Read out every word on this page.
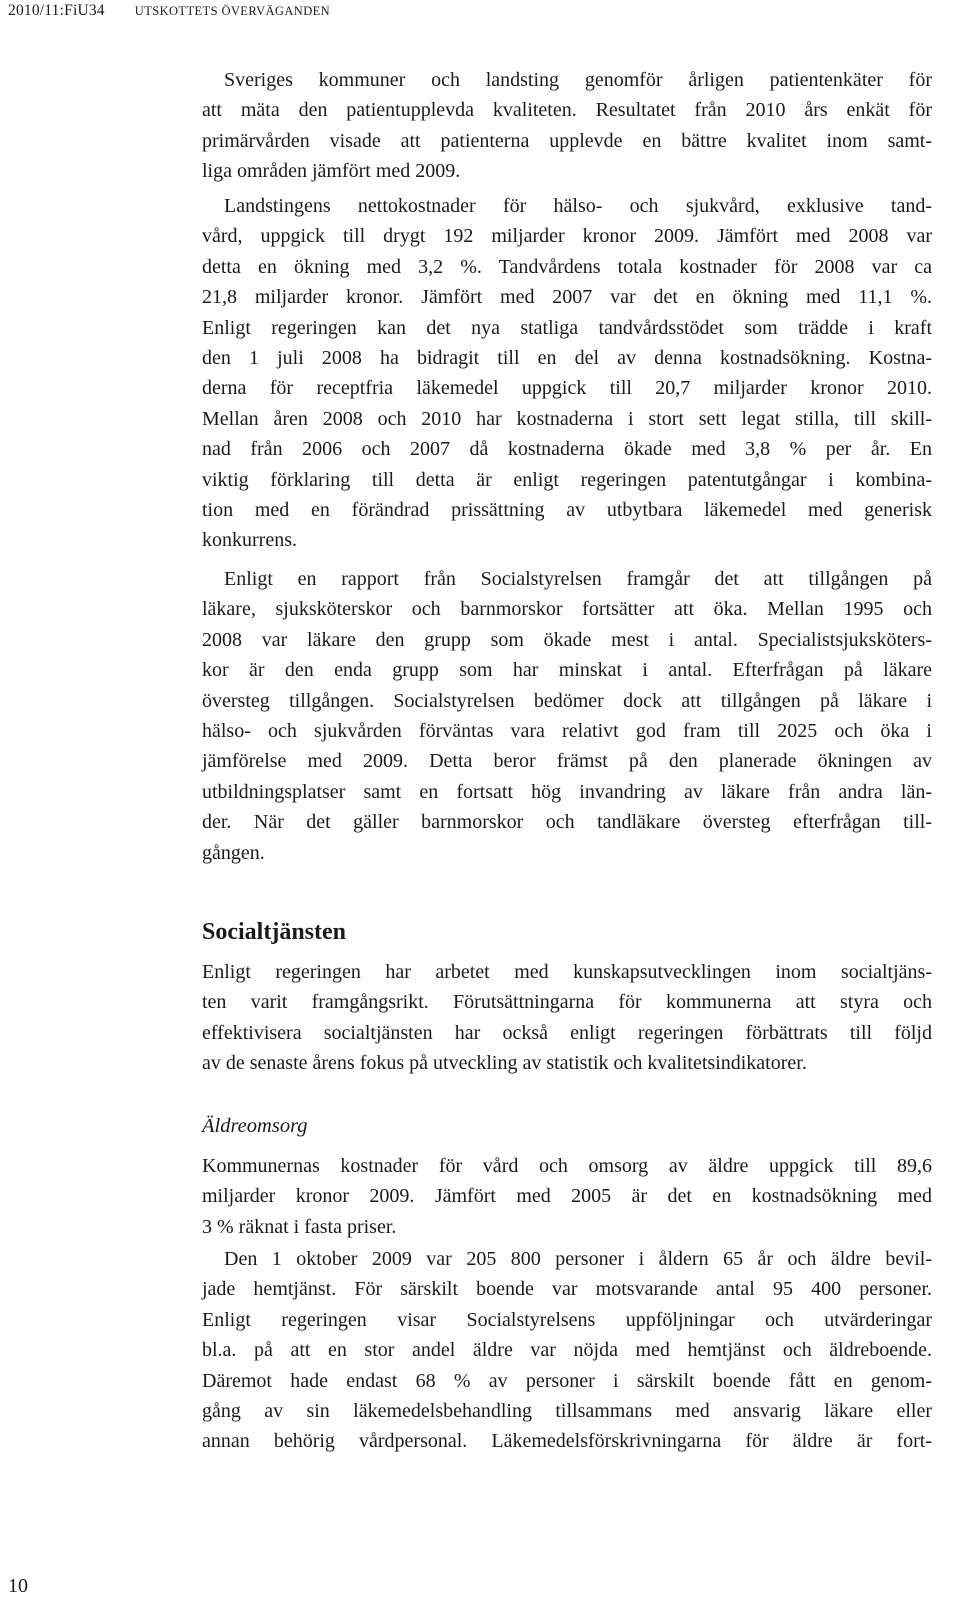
2010/11:FiU34 UTSKOTTETS ÖVERVÄGANDEN
Sveriges kommuner och landsting genomför årligen patientenkäter för
att mäta den patientupplevda kvaliteten. Resultatet från 2010 års enkät för
primärvården visade att patienterna upplevde en bättre kvalitet inom samt-
liga områden jämfört med 2009.
Landstingens nettokostnader för hälso- och sjukvård, exklusive tand-
vård, uppgick till drygt 192 miljarder kronor 2009. Jämfört med 2008 var
detta en ökning med 3,2 %. Tandvårdens totala kostnader för 2008 var ca
21,8 miljarder kronor. Jämfört med 2007 var det en ökning med 11,1 %.
Enligt regeringen kan det nya statliga tandvårdsstödet som trädde i kraft
den 1 juli 2008 ha bidragit till en del av denna kostnadsökning. Kostna-
derna för receptfria läkemedel uppgick till 20,7 miljarder kronor 2010.
Mellan åren 2008 och 2010 har kostnaderna i stort sett legat stilla, till skill-
nad från 2006 och 2007 då kostnaderna ökade med 3,8 % per år. En
viktig förklaring till detta är enligt regeringen patentutgångar i kombina-
tion med en förändrad prissättning av utbytbara läkemedel med generisk
konkurrens.
Enligt en rapport från Socialstyrelsen framgår det att tillgången på
läkare, sjuksköterskor och barnmorskor fortsätter att öka. Mellan 1995 och
2008 var läkare den grupp som ökade mest i antal. Specialistsjuksköters-
kor är den enda grupp som har minskat i antal. Efterfrågan på läkare
översteg tillgången. Socialstyrelsen bedömer dock att tillgången på läkare i
hälso- och sjukvården förväntas vara relativt god fram till 2025 och öka i
jämförelse med 2009. Detta beror främst på den planerade ökningen av
utbildningsplatser samt en fortsatt hög invandring av läkare från andra län-
der. När det gäller barnmorskor och tandläkare översteg efterfrågan till-
gången.
Socialtjänsten
Enligt regeringen har arbetet med kunskapsutvecklingen inom socialtjäns-
ten varit framgångsrikt. Förutsättningarna för kommunerna att styra och
effektivisera socialtjänsten har också enligt regeringen förbättrats till följd
av de senaste årens fokus på utveckling av statistik och kvalitetsindikatorer.
Äldreomsorg
Kommunernas kostnader för vård och omsorg av äldre uppgick till 89,6
miljarder kronor 2009. Jämfört med 2005 är det en kostnadsökning med
3 % räknat i fasta priser.
Den 1 oktober 2009 var 205 800 personer i åldern 65 år och äldre bevil-
jade hemtjänst. För särskilt boende var motsvarande antal 95 400 personer.
Enligt regeringen visar Socialstyrelsens uppföljningar och utvärderingar
bl.a. på att en stor andel äldre var nöjda med hemtjänst och äldreboende.
Däremot hade endast 68 % av personer i särskilt boende fått en genom-
gång av sin läkemedelsbehandling tillsammans med ansvarig läkare eller
annan behörig vårdpersonal. Läkemedelsförskrivningarna för äldre är fort-
10
